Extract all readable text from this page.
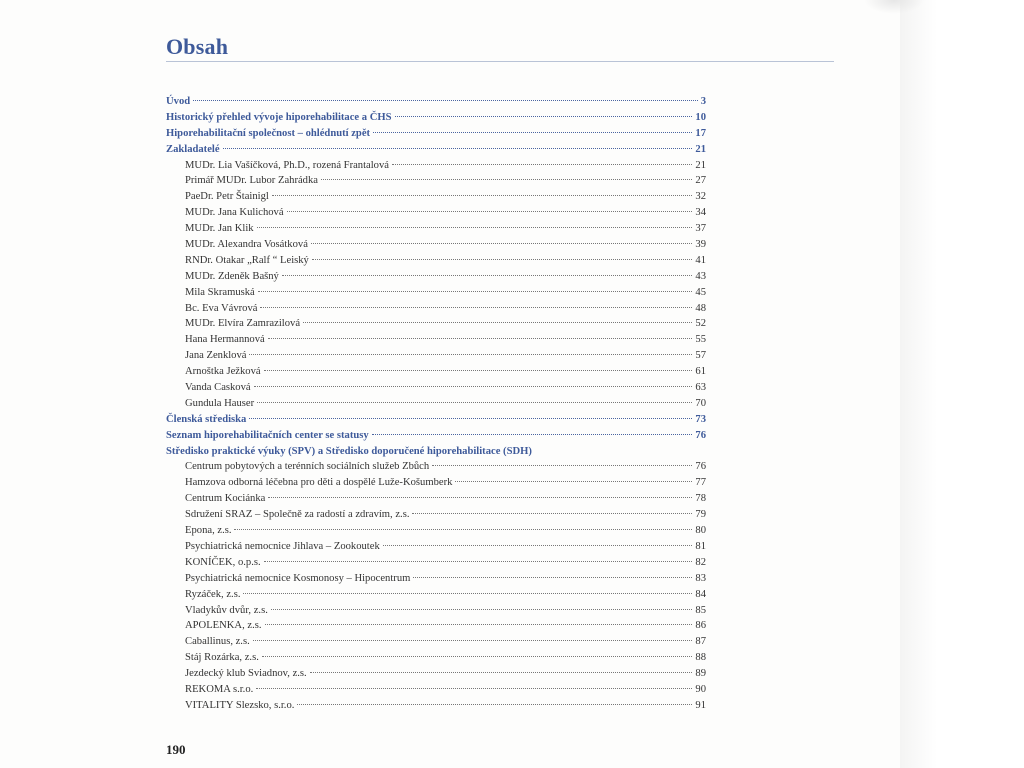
Obsah
Úvod	3
Historický přehled vývoje hiporehabilitace a ČHS	10
Hiporehabilitační společnost – ohlédnutí zpět	17
Zakladatelé	21
MUDr. Lia Vašíčková, Ph.D., rozená Frantalová	21
Primář MUDr. Lubor Zahrádka	27
PaeDr. Petr Štainigl	32
MUDr. Jana Kulichová	34
MUDr. Jan Klik	37
MUDr. Alexandra Vosátková	39
RNDr. Otakar „Ralf “ Leiský	41
MUDr. Zdeněk Bašný	43
Mila Skramuská	45
Bc. Eva Vávrová	48
MUDr. Elvíra Zamrazilová	52
Hana Hermannová	55
Jana Zenklová	57
Arnoštka Ježková	61
Vanda Casková	63
Gundula Hauser	70
Členská střediska	73
Seznam hiporehabilitačních center se statusy	76
Středisko praktické výuky (SPV) a Středisko doporučené hiporehabilitace (SDH)
Centrum pobytových a terénních sociálních služeb Zbůch	76
Hamzova odborná léčebna pro děti a dospělé Luže-Košumberk	77
Centrum Kociánka	78
Sdružení SRAZ – Společně za radostí a zdravím, z.s.	79
Epona, z.s.	80
Psychiatrická nemocnice Jihlava – Zookoutek	81
KONÍČEK, o.p.s.	82
Psychiatrická nemocnice Kosmonosy – Hipocentrum	83
Ryzáček, z.s.	84
Vladykův dvůr, z.s.	85
APOLENKA, z.s.	86
Caballinus, z.s.	87
Stáj Rozárka, z.s.	88
Jezdecký klub Sviadnov, z.s.	89
REKOMA s.r.o.	90
VITALITY Slezsko, s.r.o.	91
190
